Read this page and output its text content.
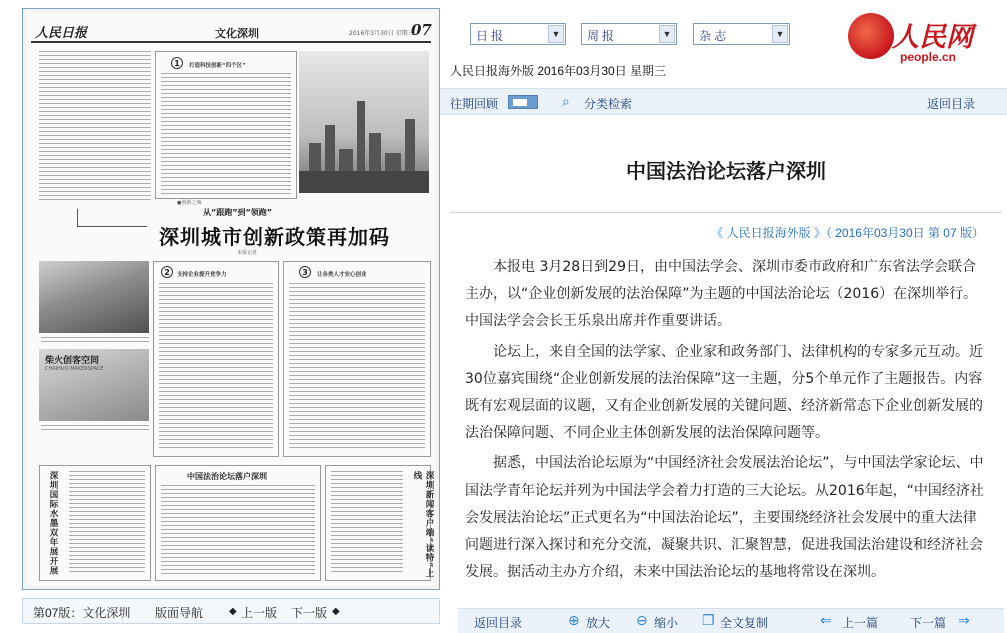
人民日报	文化深圳	2016年3月30日 星期三
07
1	打造科技创新“四个区”
●创新之城
从“跟跑”到“领跑”
深圳城市创新政策再加码
本报记者
柴火创客空间
CHAIHUO MAKERSPACE
2	支持企业提升竞争力	3	让各类人才安心创业
深圳国际水墨双年展开展	中国法治论坛落户深圳	深圳新闻客户端“读特”上线
第07版：文化深圳 版面导航	◆ 上一版 下一版 ◆
日报	▼ 周报	▼ 杂志	▼
人民日报海外版 2016年03月30日 星期三
人民网
people.cn
往期回顾	⌕ 分类检索	返回目录
中国法治论坛落户深圳
《 人民日报海外版 》（ 2016年03月30日 第 07 版）

本报电 3月28日到29日，由中国法学会、深圳市委市政府和广东省法学会联合主办，以“企业创新发展的法治保障”为主题的中国法治论坛（2016）在深圳举行。中国法学会会长王乐泉出席并作重要讲话。

论坛上，来自全国的法学家、企业家和政务部门、法律机构的专家多元互动。近30位嘉宾围绕“企业创新发展的法治保障”这一主题，分5个单元作了主题报告。内容既有宏观层面的议题，又有企业创新发展的关键问题、经济新常态下企业创新发展的法治保障问题、不同企业主体创新发展的法治保障问题等。

据悉，中国法治论坛原为“中国经济社会发展法治论坛”，与中国法学家论坛、中国法学青年论坛并列为中国法学会着力打造的三大论坛。从2016年起，“中国经济社会发展法治论坛”正式更名为“中国法治论坛”，主要围绕经济社会发展中的重大法律问题进行深入探讨和充分交流，凝聚共识、汇聚智慧，促进我国法治建设和经济社会发展。据活动主办方介绍，未来中国法治论坛的基地将常设在深圳。

返回目录	⊕ 放大 ⊖ 缩小 ❐ 全文复制	⇐ 上一篇	下一篇 ⇒
